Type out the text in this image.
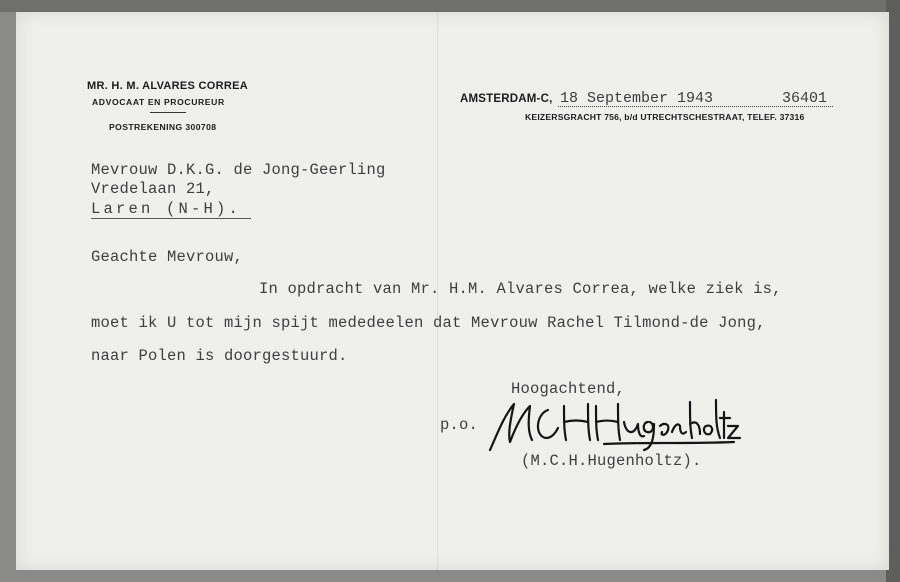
MR. H. M. ALVARES CORREA
ADVOCAAT EN PROCUREUR
POSTREKENING 300708
AMSTERDAM-C, 18 September 1943	36401
KEIZERSGRACHT 756, b/d UTRECHTSCHESTRAAT, TELEF. 37316
Mevrouw D.K.G. de Jong-Geerling
Vredelaan 21,
Laren (N-H).
Geachte Mevrouw,
In opdracht van Mr. H.M. Alvares Correa, welke ziek is,
moet ik U tot mijn spijt mededeelen dat Mevrouw Rachel Tilmond-de Jong,
naar Polen is doorgestuurd.
Hoogachtend,
p.o.
(M.C.H.Hugenholtz).
